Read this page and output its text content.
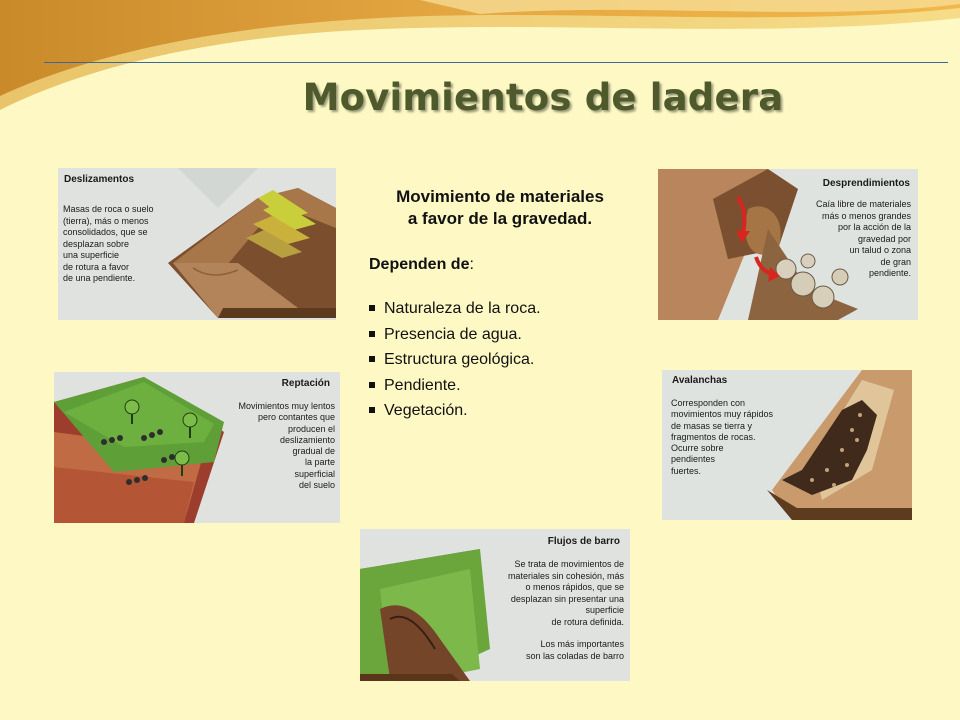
Movimientos de ladera
Deslizamentos
Masas de roca o suelo
(tierra), más o menos
consolidados, que se
desplazan sobre
una superficie
de rotura a favor
de una pendiente.
Desprendimientos
Caía libre de materiales
más o menos grandes
por la acción de la
gravedad por
un talud o zona
de gran
pendiente.
Reptación
Movimientos muy lentos
pero contantes que
producen el
deslizamiento
gradual de
la parte
superficial
del suelo
Avalanchas
Corresponden con
movimientos muy rápidos
de masas se tierra y
fragmentos de rocas.
Ocurre sobre
pendientes
fuertes.
Flujos de barro
Se trata de movimientos de
materiales sin cohesión, más
o menos rápidos, que se
desplazan sin presentar una
superficie
de rotura definida.
Los más importantes
son las coladas de barro
Movimiento de materiales
a favor de la gravedad.
Dependen de:
Naturaleza de la roca.
Presencia de agua.
Estructura geológica.
Pendiente.
Vegetación.
